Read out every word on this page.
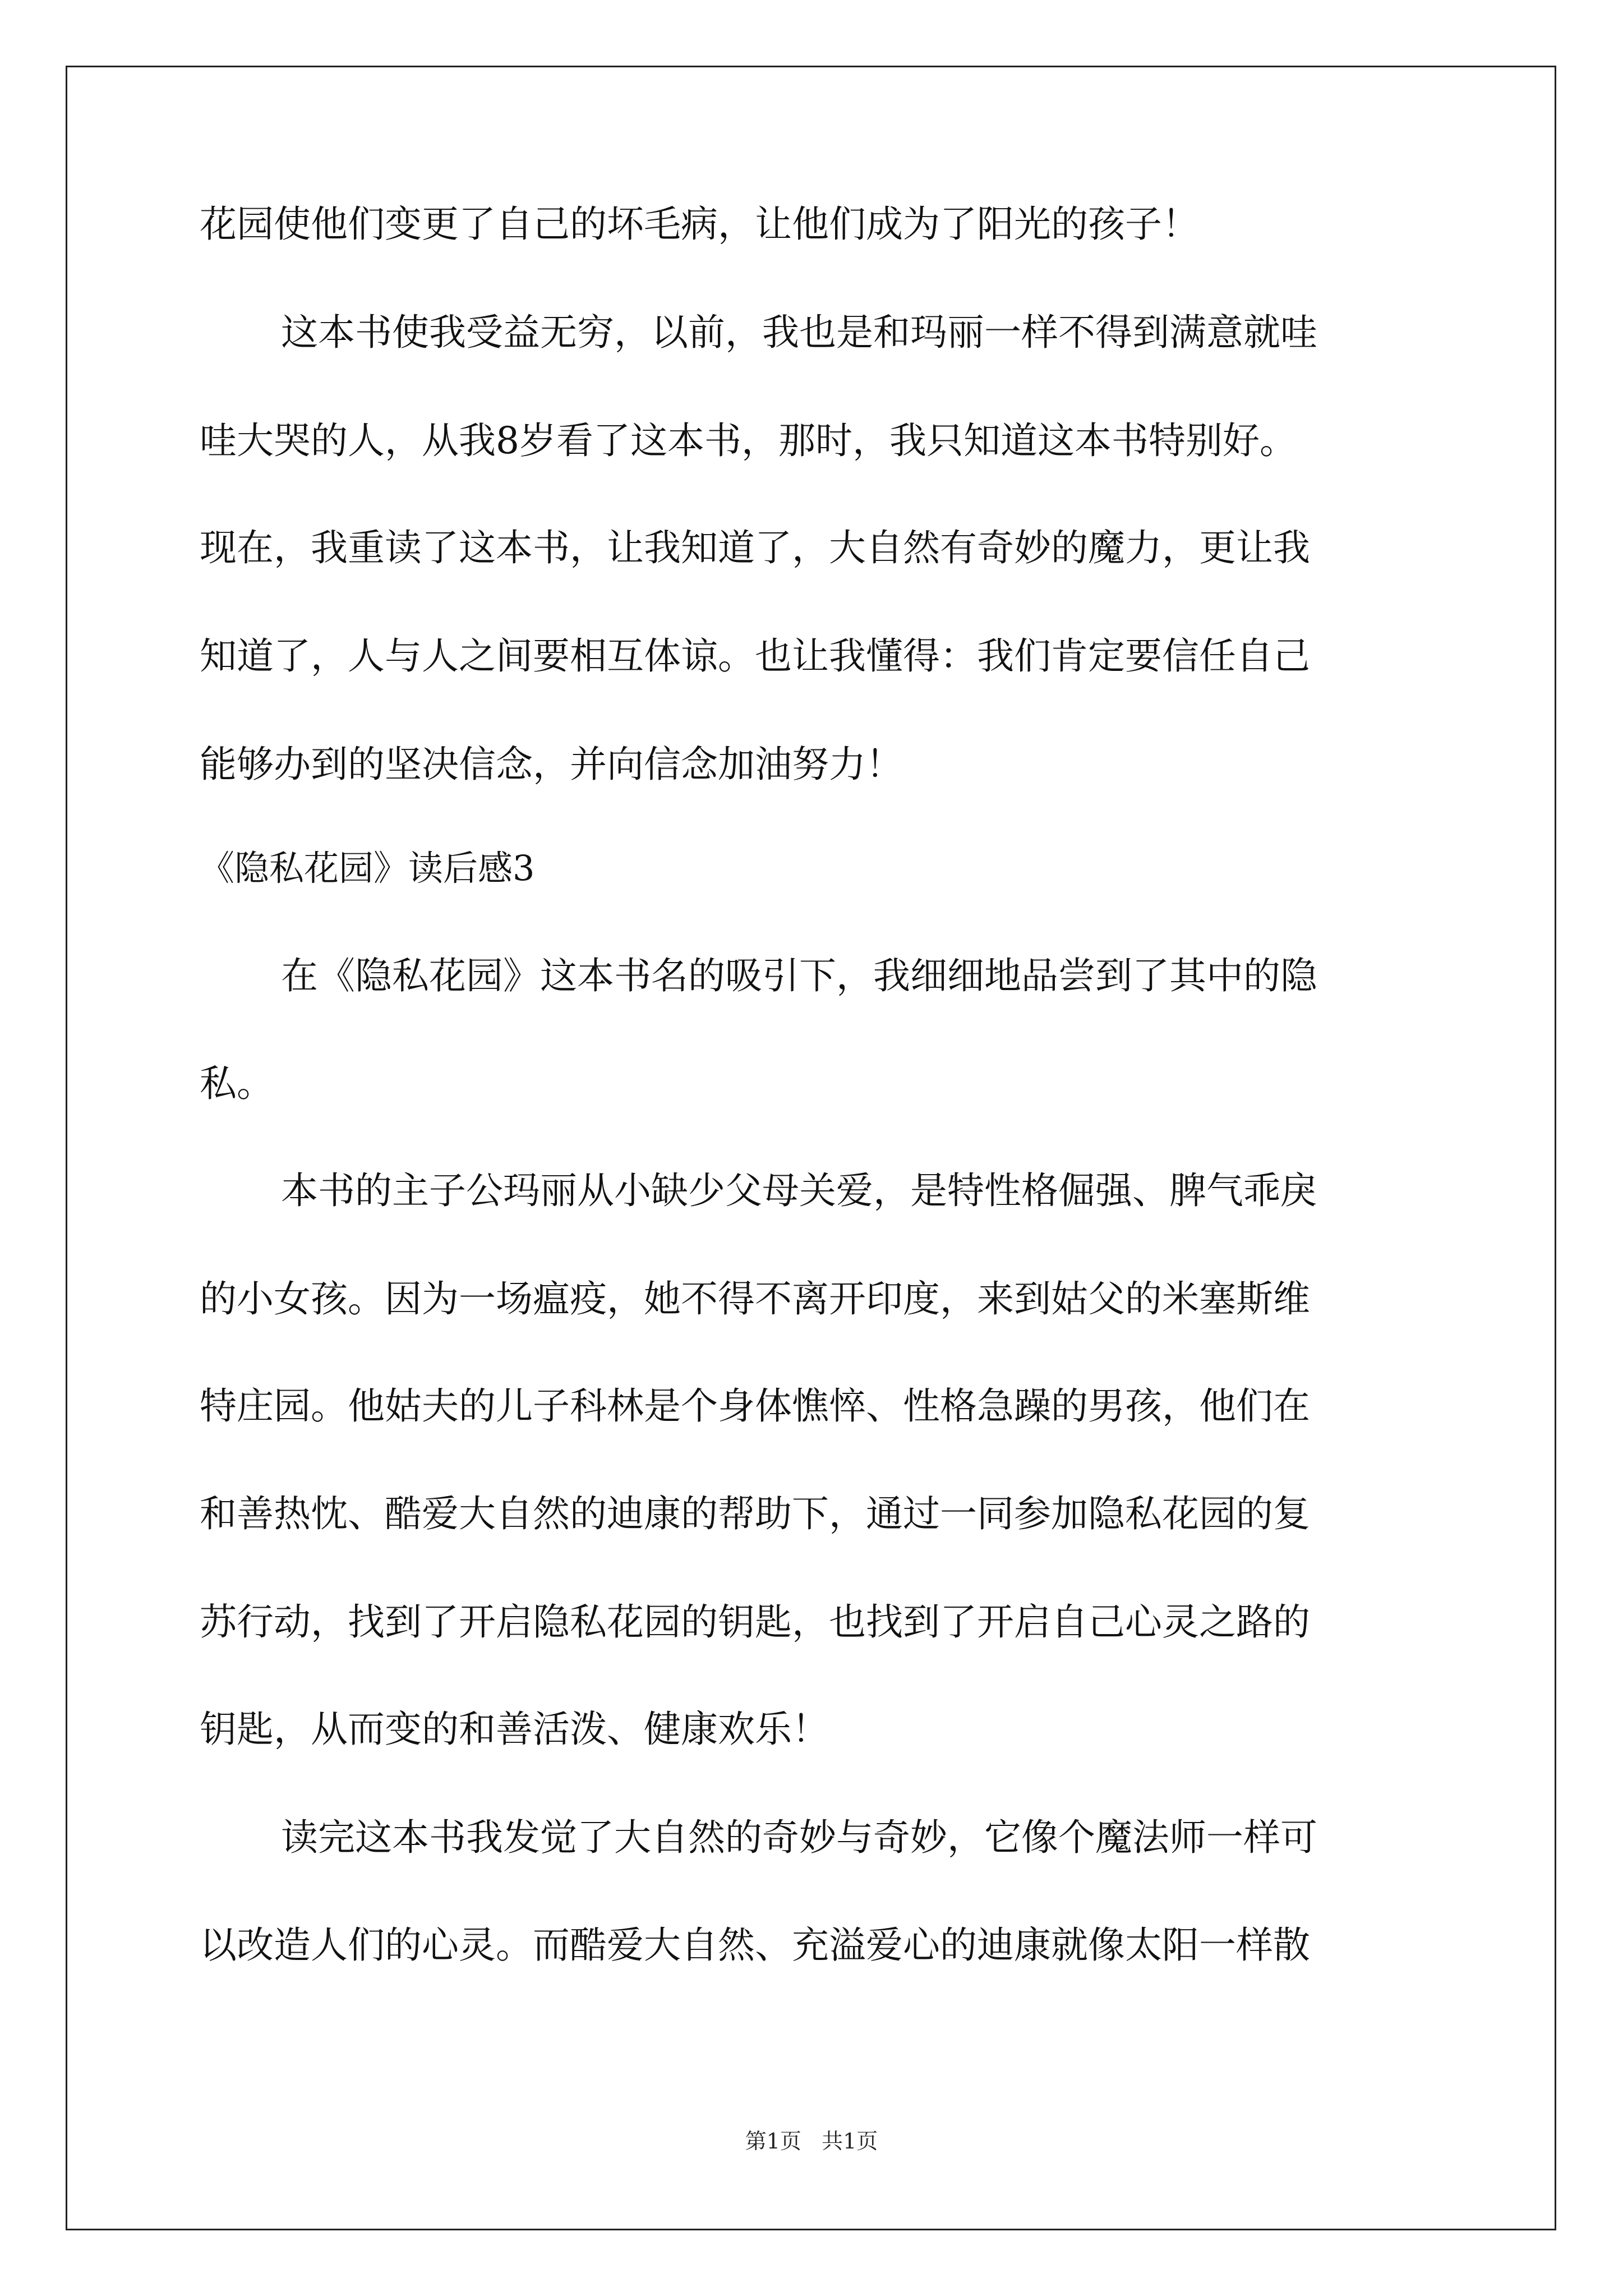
花园使他们变更了自己的坏毛病，让他们成为了阳光的孩子！
这本书使我受益无穷，以前，我也是和玛丽一样不得到满意就哇
哇大哭的人，从我8岁看了这本书，那时，我只知道这本书特别好。
现在，我重读了这本书，让我知道了，大自然有奇妙的魔力，更让我
知道了，人与人之间要相互体谅。也让我懂得：我们肯定要信任自己
能够办到的坚决信念，并向信念加油努力！
《隐私花园》读后感3
在《隐私花园》这本书名的吸引下，我细细地品尝到了其中的隐
私。
本书的主子公玛丽从小缺少父母关爱，是特性格倔强、脾气乖戾
的小女孩。因为一场瘟疫，她不得不离开印度，来到姑父的米塞斯维
特庄园。他姑夫的儿子科林是个身体憔悴、性格急躁的男孩，他们在
和善热忱、酷爱大自然的迪康的帮助下，通过一同参加隐私花园的复
苏行动，找到了开启隐私花园的钥匙，也找到了开启自己心灵之路的
钥匙，从而变的和善活泼、健康欢乐！
读完这本书我发觉了大自然的奇妙与奇妙，它像个魔法师一样可
以改造人们的心灵。而酷爱大自然、充溢爱心的迪康就像太阳一样散
第1页   共1页
